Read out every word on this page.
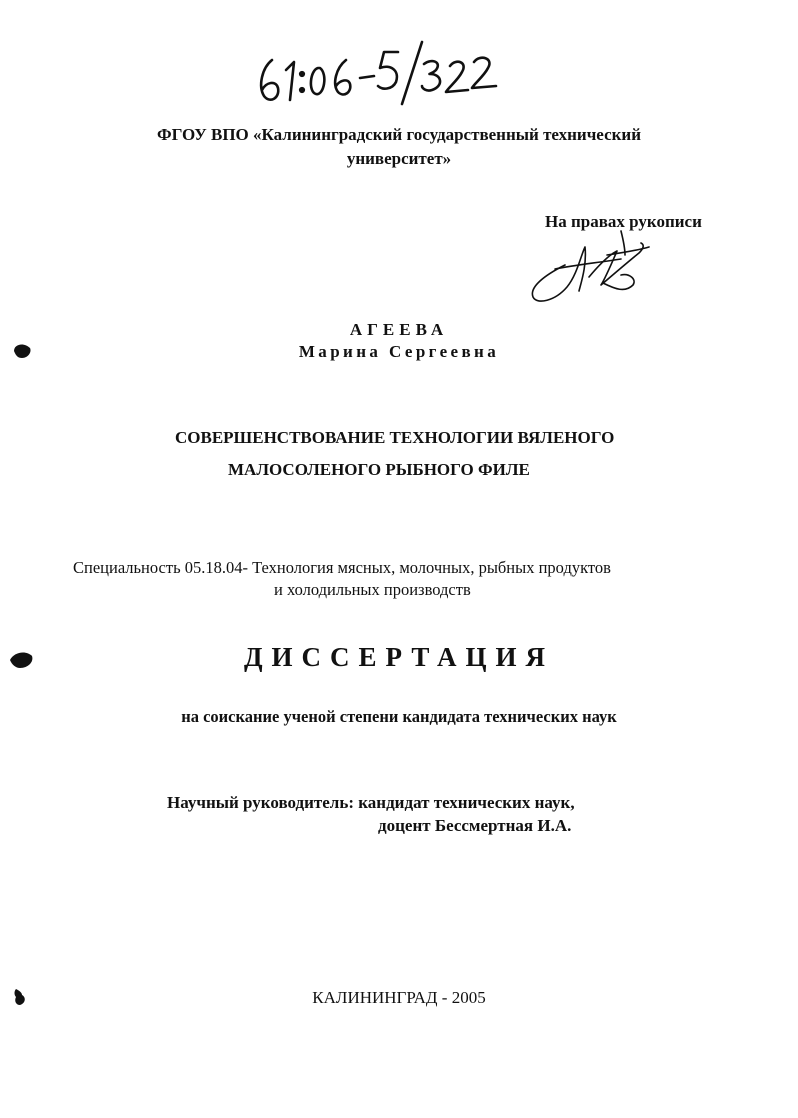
ФГОУ ВПО «Калининградский государственный технический
университет»
На правах рукописи
АГЕЕВА
Марина Сергеевна
СОВЕРШЕНСТВОВАНИЕ ТЕХНОЛОГИИ ВЯЛЕНОГО
МАЛОСОЛЕНОГО РЫБНОГО ФИЛЕ
Специальность 05.18.04- Технология мясных, молочных, рыбных продуктов
и холодильных производств
ДИССЕРТАЦИЯ
на соискание ученой степени кандидата технических наук
Научный руководитель: кандидат технических наук,
доцент Бессмертная И.А.
КАЛИНИНГРАД - 2005
